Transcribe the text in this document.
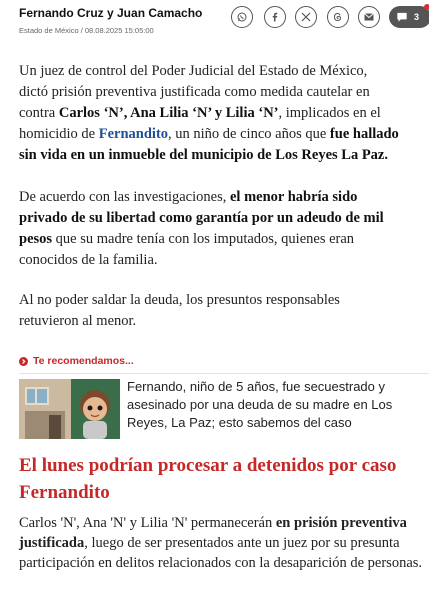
Fernando Cruz y Juan Camacho
Estado de México / 08.08.2025 15:05:00
3

Un juez de control del Poder Judicial del Estado de México,
dictó prisión preventiva justificada como medida cautelar en
contra Carlos ‘N’, Ana Lilia ‘N’ y Lilia ‘N’, implicados en el
homicidio de Fernandito, un niño de cinco años que fue hallado
sin vida en un inmueble del municipio de Los Reyes La Paz.

De acuerdo con las investigaciones, el menor habría sido
privado de su libertad como garantía por un adeudo de mil
pesos que su madre tenía con los imputados, quienes eran
conocidos de la familia.

Al no poder saldar la deuda, los presuntos responsables
retuvieron al menor.

Te recomendamos...
Fernando, niño de 5 años, fue secuestrado y asesinado por una deuda de su madre en Los Reyes, La Paz; esto sabemos del caso
El lunes podrían procesar a detenidos por caso Fernandito

Carlos 'N', Ana 'N' y Lilia 'N' permanecerán en prisión preventiva justificada, luego de ser presentados ante un juez por su presunta participación en delitos relacionados con la desaparición de personas.
